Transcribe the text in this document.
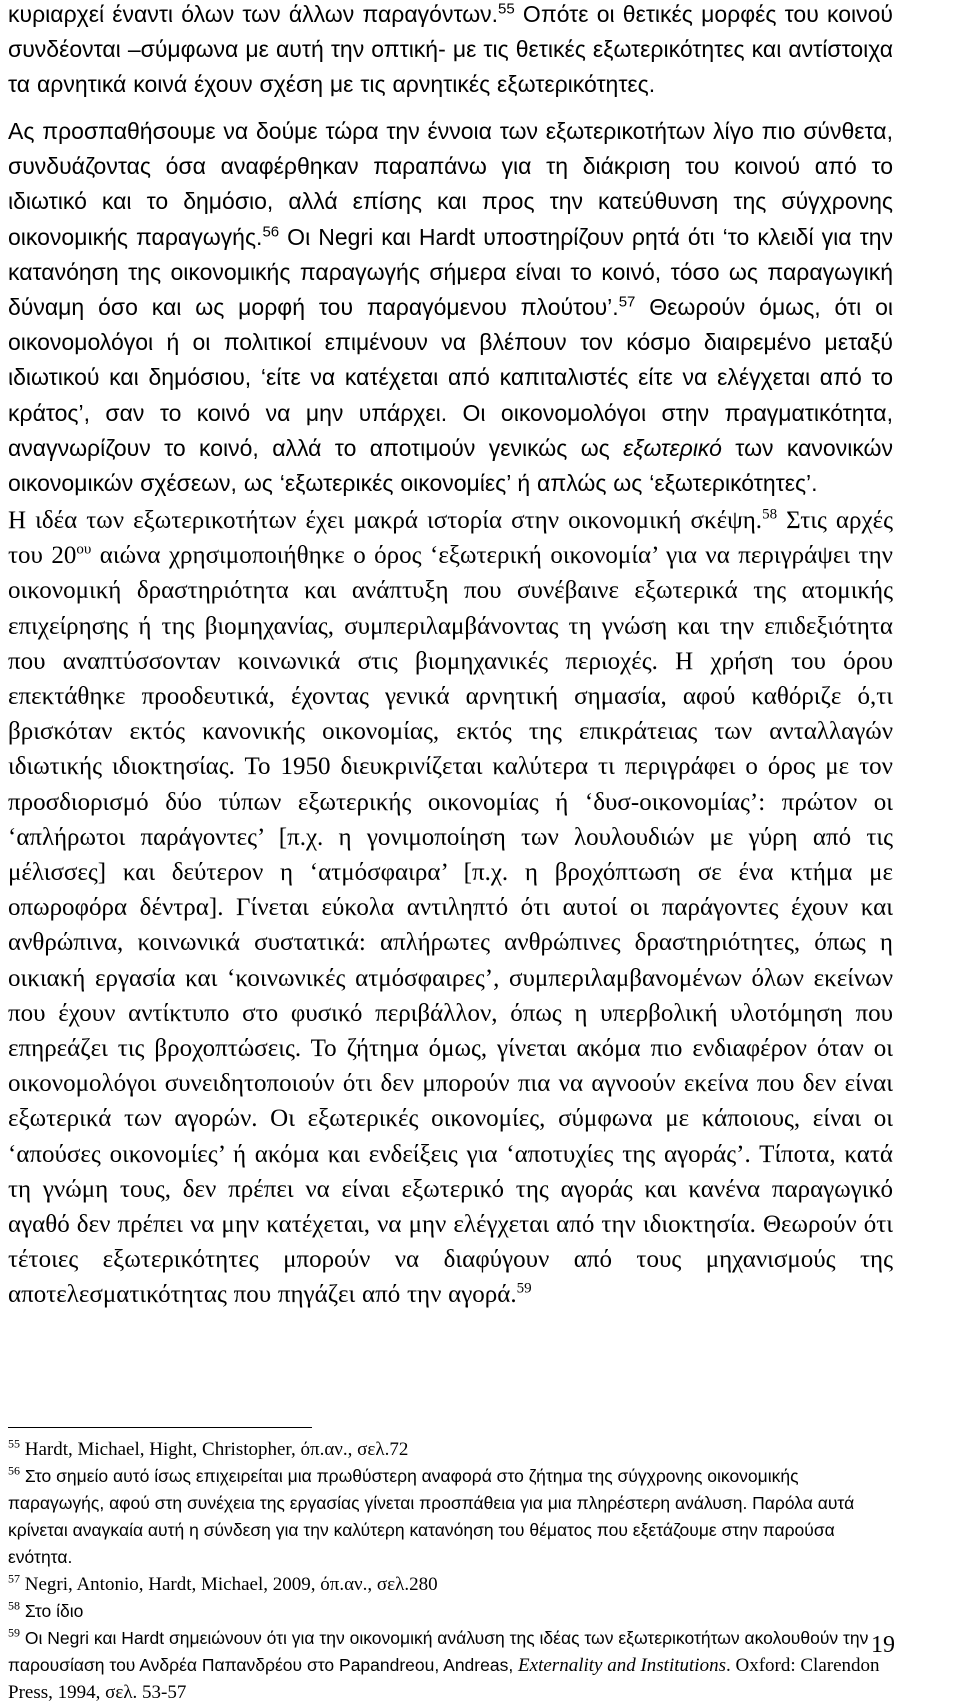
κυριαρχεί έναντι όλων των άλλων παραγόντων.$^{55}$ Οπότε οι θετικές μορφές του κοινού συνδέονται –σύμφωνα με αυτή την οπτική- με τις θετικές εξωτερικότητες και αντίστοιχα τα αρνητικά κοινά έχουν σχέση με τις αρνητικές εξωτερικότητες.

Ας προσπαθήσουμε να δούμε τώρα την έννοια των εξωτερικοτήτων λίγο πιο σύνθετα, συνδυάζοντας όσα αναφέρθηκαν παραπάνω για τη διάκριση του κοινού από το ιδιωτικό και το δημόσιο, αλλά επίσης και προς την κατεύθυνση της σύγχρονης οικονομικής παραγωγής.$^{56}$ Οι Negri και Hardt υποστηρίζουν ρητά ότι ‘το κλειδί για την κατανόηση της οικονομικής παραγωγής σήμερα είναι το κοινό, τόσο ως παραγωγική δύναμη όσο και ως μορφή του παραγόμενου πλούτου’.$^{57}$ Θεωρούν όμως, ότι οι οικονομολόγοι ή οι πολιτικοί επιμένουν να βλέπουν τον κόσμο διαιρεμένο μεταξύ ιδιωτικού και δημόσιου, ‘είτε να κατέχεται από καπιταλιστές είτε να ελέγχεται από το κράτος’, σαν το κοινό να μην υπάρχει. Οι οικονομολόγοι στην πραγματικότητα, αναγνωρίζουν το κοινό, αλλά το αποτιμούν γενικώς ως εξωτερικό των κανονικών οικονομικών σχέσεων, ως ‘εξωτερικές οικονομίες’ ή απλώς ως ‘εξωτερικότητες’.

Η ιδέα των εξωτερικοτήτων έχει μακρά ιστορία στην οικονομική σκέψη.$^{58}$ Στις αρχές του $20^{o\upsilon}$ αιώνα χρησιμοποιήθηκε ο όρος ‘εξωτερική οικονομία’ για να περιγράψει την οικονομική δραστηριότητα και ανάπτυξη που συνέβαινε εξωτερικά της ατομικής επιχείρησης ή της βιομηχανίας, συμπεριλαμβάνοντας τη γνώση και την επιδεξιότητα που αναπτύσσονταν κοινωνικά στις βιομηχανικές περιοχές. Η χρήση του όρου επεκτάθηκε προοδευτικά, έχοντας γενικά αρνητική σημασία, αφού καθόριζε ό,τι βρισκόταν εκτός κανονικής οικονομίας, εκτός της επικράτειας των ανταλλαγών ιδιωτικής ιδιοκτησίας. Το 1950 διευκρινίζεται καλύτερα τι περιγράφει ο όρος με τον προσδιορισμό δύο τύπων εξωτερικής οικονομίας ή ‘δυσ-οικονομίας’: πρώτον οι ‘απλήρωτοι παράγοντες’ [π.χ. η γονιμοποίηση των λουλουδιών με γύρη από τις μέλισσες] και δεύτερον η ‘ατμόσφαιρα’ [π.χ. η βροχόπτωση σε ένα κτήμα με οπωροφόρα δέντρα]. Γίνεται εύκολα αντιληπτό ότι αυτοί οι παράγοντες έχουν και ανθρώπινα, κοινωνικά συστατικά: απλήρωτες ανθρώπινες δραστηριότητες, όπως η οικιακή εργασία και ‘κοινωνικές ατμόσφαιρες’, συμπεριλαμβανομένων όλων εκείνων που έχουν αντίκτυπο στο φυσικό περιβάλλον, όπως η υπερβολική υλοτόμηση που επηρεάζει τις βροχοπτώσεις. Το ζήτημα όμως, γίνεται ακόμα πιο ενδιαφέρον όταν οι οικονομολόγοι συνειδητοποιούν ότι δεν μπορούν πια να αγνοούν εκείνα που δεν είναι εξωτερικά των αγορών. Οι εξωτερικές οικονομίες, σύμφωνα με κάποιους, είναι οι ‘απούσες οικονομίες’ ή ακόμα και ενδείξεις για ‘αποτυχίες της αγοράς’. Τίποτα, κατά τη γνώμη τους, δεν πρέπει να είναι εξωτερικό της αγοράς και κανένα παραγωγικό αγαθό δεν πρέπει να μην κατέχεται, να μην ελέγχεται από την ιδιοκτησία. Θεωρούν ότι τέτοιες εξωτερικότητες μπορούν να διαφύγουν από τους μηχανισμούς της αποτελεσματικότητας που πηγάζει από την αγορά.$^{59}$

$^{55}$ Hardt, Michael, Hight, Christopher, όπ.αν., σελ.72

$^{56}$ Στο σημείο αυτό ίσως επιχειρείται μια πρωθύστερη αναφορά στο ζήτημα της σύγχρονης οικονομικής παραγωγής, αφού στη συνέχεια της εργασίας γίνεται προσπάθεια για μια πληρέστερη ανάλυση. Παρόλα αυτά κρίνεται αναγκαία αυτή η σύνδεση για την καλύτερη κατανόηση του θέματος που εξετάζουμε στην παρούσα ενότητα.

$^{57}$ Negri, Antonio, Hardt, Michael, 2009, όπ.αν., σελ.280

$^{58}$ Στο ίδιο

$^{59}$ Οι Negri και Hardt σημειώνουν ότι για την οικονομική ανάλυση της ιδέας των εξωτερικοτήτων ακολουθούν την παρουσίαση του Ανδρέα Παπανδρέου στο Papandreou, Andreas, Externality and Institutions. Oxford: Clarendon Press, 1994, σελ. 53-57

19
